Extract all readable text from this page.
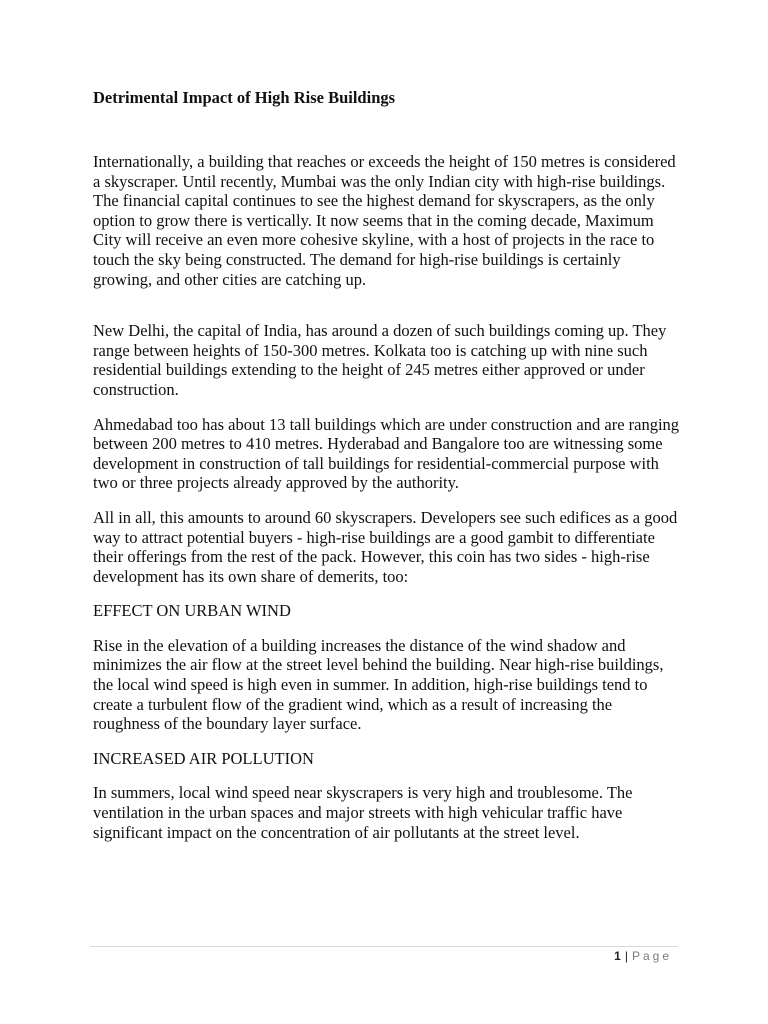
Detrimental Impact of High Rise Buildings

Internationally, a building that reaches or exceeds the height of 150 metres is considered a skyscraper. Until recently, Mumbai was the only Indian city with high-rise buildings. The financial capital continues to see the highest demand for skyscrapers, as the only option to grow there is vertically. It now seems that in the coming decade, Maximum City will receive an even more cohesive skyline, with a host of projects in the race to touch the sky being constructed. The demand for high-rise buildings is certainly growing, and other cities are catching up.

New Delhi, the capital of India, has around a dozen of such buildings coming up. They range between heights of 150-300 metres. Kolkata too is catching up with nine such residential buildings extending to the height of 245 metres either approved or under construction.

Ahmedabad too has about 13 tall buildings which are under construction and are ranging between 200 metres to 410 metres. Hyderabad and Bangalore too are witnessing some development in construction of tall buildings for residential-commercial purpose with two or three projects already approved by the authority.

All in all, this amounts to around 60 skyscrapers. Developers see such edifices as a good way to attract potential buyers - high-rise buildings are a good gambit to differentiate their offerings from the rest of the pack. However, this coin has two sides - high-rise development has its own share of demerits, too:

EFFECT ON URBAN WIND

Rise in the elevation of a building increases the distance of the wind shadow and minimizes the air flow at the street level behind the building. Near high-rise buildings, the local wind speed is high even in summer. In addition, high-rise buildings tend to create a turbulent flow of the gradient wind, which as a result of increasing the roughness of the boundary layer surface.

INCREASED AIR POLLUTION

In summers, local wind speed near skyscrapers is very high and troublesome. The ventilation in the urban spaces and major streets with high vehicular traffic have significant impact on the concentration of air pollutants at the street level.

1 | Page
